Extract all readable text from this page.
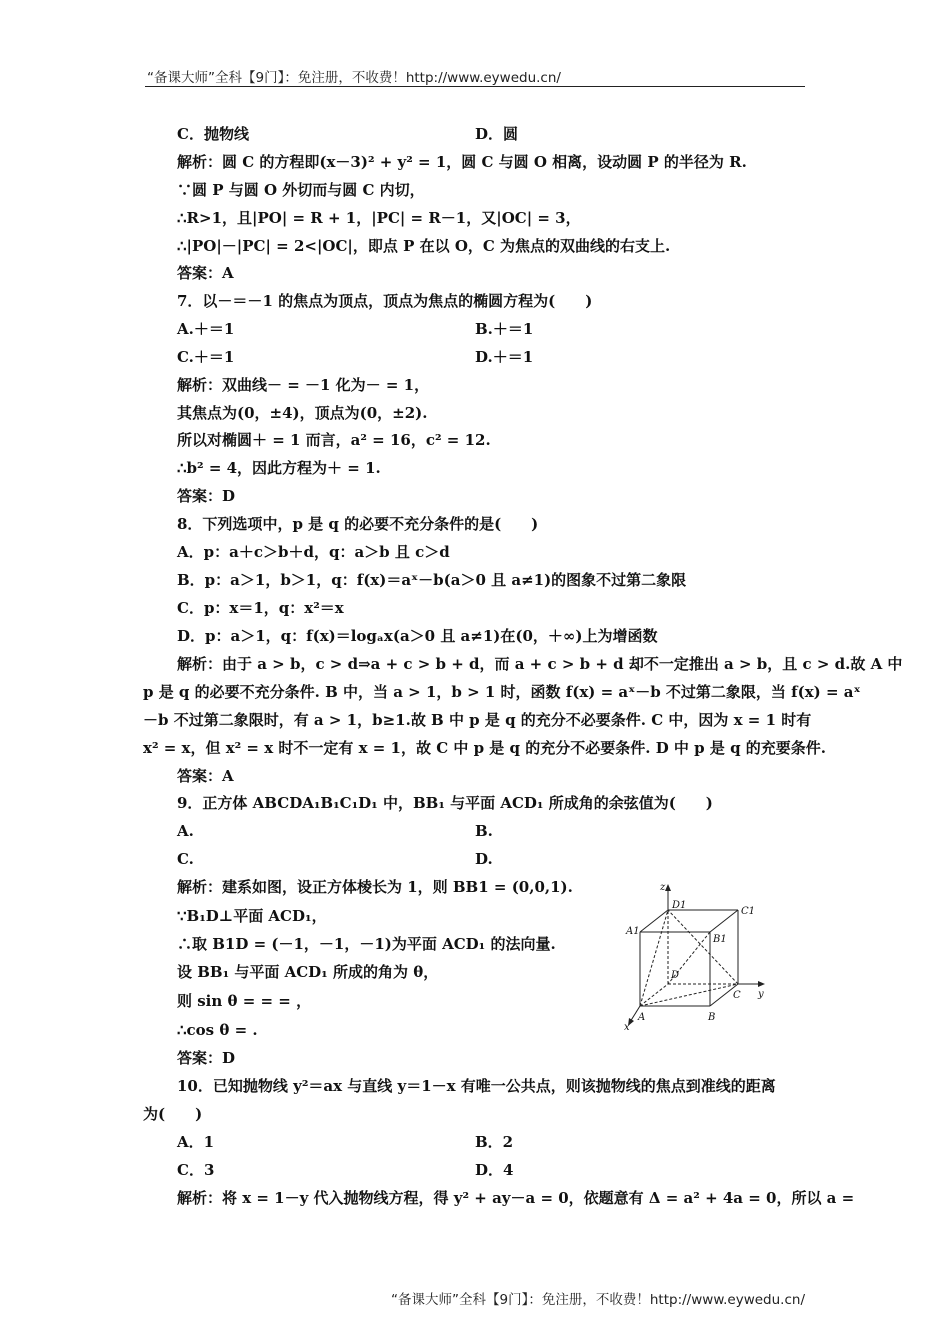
“备课大师”全科【9门】：免注册，不收费！http://www.eywedu.cn/
C．抛物线	D．圆
解析：圆 C 的方程即(x－3)² + y² = 1，圆 C 与圆 O 相离，设动圆 P 的半径为 R.
∵圆 P 与圆 O 外切而与圆 C 内切，
∴R>1，且|PO| = R + 1，|PC| = R－1，又|OC| = 3，
∴|PO|－|PC| = 2<|OC|，即点 P 在以 O，C 为焦点的双曲线的右支上.
答案：A
7．以－＝－1 的焦点为顶点，顶点为焦点的椭圆方程为(　　)
A.＋＝1	B.＋＝1
C.＋＝1	D.＋＝1
解析：双曲线－ = －1 化为－ = 1，
其焦点为(0，±4)，顶点为(0，±2).
所以对椭圆＋ = 1 而言，a² = 16，c² = 12.
∴b² = 4，因此方程为＋ = 1.
答案：D
8．下列选项中，p 是 q 的必要不充分条件的是(　　)
A．p：a＋c＞b＋d，q：a＞b 且 c＞d
B．p：a＞1，b＞1，q：f(x)＝aˣ－b(a＞0 且 a≠1)的图象不过第二象限
C．p：x＝1，q：x²＝x
D．p：a＞1，q：f(x)＝logₐx(a＞0 且 a≠1)在(0，＋∞)上为增函数
解析：由于 a > b，c > d⇒a + c > b + d，而 a + c > b + d 却不一定推出 a > b，且 c > d.故 A 中
p 是 q 的必要不充分条件. B 中，当 a > 1，b > 1 时，函数 f(x) = aˣ－b 不过第二象限，当 f(x) = aˣ
－b 不过第二象限时，有 a > 1，b≥1.故 B 中 p 是 q 的充分不必要条件. C 中，因为 x = 1 时有
x² = x，但 x² = x 时不一定有 x = 1，故 C 中 p 是 q 的充分不必要条件. D 中 p 是 q 的充要条件.
答案：A
9．正方体 ABCDA₁B₁C₁D₁ 中，BB₁ 与平面 ACD₁ 所成角的余弦值为(　　)
A.	B.
C.	D.
解析：建系如图，设正方体棱长为 1，则 BB1 = (0,0,1).
∵B₁D⊥平面 ACD₁，
∴取 B1D = (－1，－1，－1)为平面 ACD₁ 的法向量.
设 BB₁ 与平面 ACD₁ 所成的角为 θ，
则 sin θ = = = ，
∴cos θ = .
答案：D
z
D1
C1
A1
B1
D
C y
A	B
x
10．已知抛物线 y²＝ax 与直线 y＝1－x 有唯一公共点，则该抛物线的焦点到准线的距离
为(　　)
A．1	B．2
C．3	D．4
解析：将 x = 1－y 代入抛物线方程，得 y² + ay－a = 0，依题意有 Δ = a² + 4a = 0，所以 a =
“备课大师”全科【9门】：免注册，不收费！http://www.eywedu.cn/
